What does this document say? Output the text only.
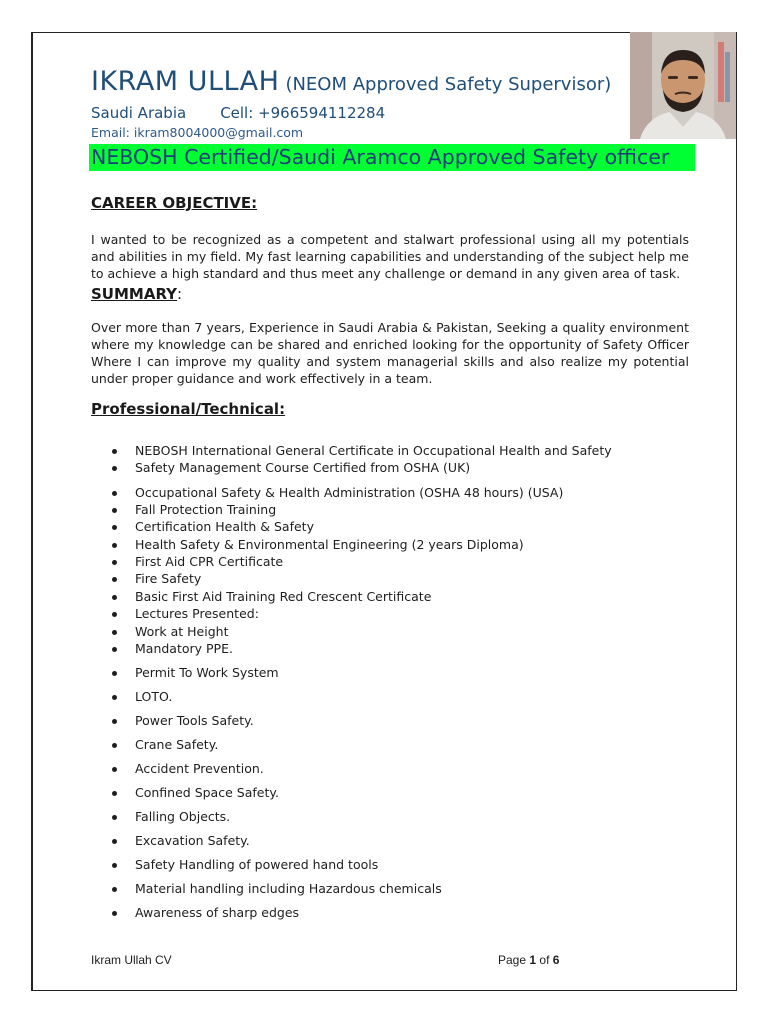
IKRAM ULLAH (NEOM Approved Safety Supervisor)
Saudi Arabia Cell: +966594112284
Email: ikram8004000@gmail.com
NEBOSH Certified/Saudi Aramco Approved Safety officer
CAREER OBJECTIVE:
I wanted to be recognized as a competent and stalwart professional using all my potentials and abilities in my field. My fast learning capabilities and understanding of the subject help me to achieve a high standard and thus meet any challenge or demand in any given area of task.
SUMMARY:
Over more than 7 years, Experience in Saudi Arabia & Pakistan, Seeking a quality environment where my knowledge can be shared and enriched looking for the opportunity of Safety Officer Where I can improve my quality and system managerial skills and also realize my potential under proper guidance and work effectively in a team.
Professional/Technical:
NEBOSH International General Certificate in Occupational Health and Safety
Safety Management Course Certified from OSHA (UK)
Occupational Safety & Health Administration (OSHA 48 hours) (USA)
Fall Protection Training
Certification Health & Safety
Health Safety & Environmental Engineering (2 years Diploma)
First Aid CPR Certificate
Fire Safety
Basic First Aid Training Red Crescent Certificate
Lectures Presented:
Work at Height
Mandatory PPE.
Permit To Work System
LOTO.
Power Tools Safety.
Crane Safety.
Accident Prevention.
Confined Space Safety.
Falling Objects.
Excavation Safety.
Safety Handling of powered hand tools
Material handling including Hazardous chemicals
Awareness of sharp edges
Ikram Ullah CV	Page 1 of 6
